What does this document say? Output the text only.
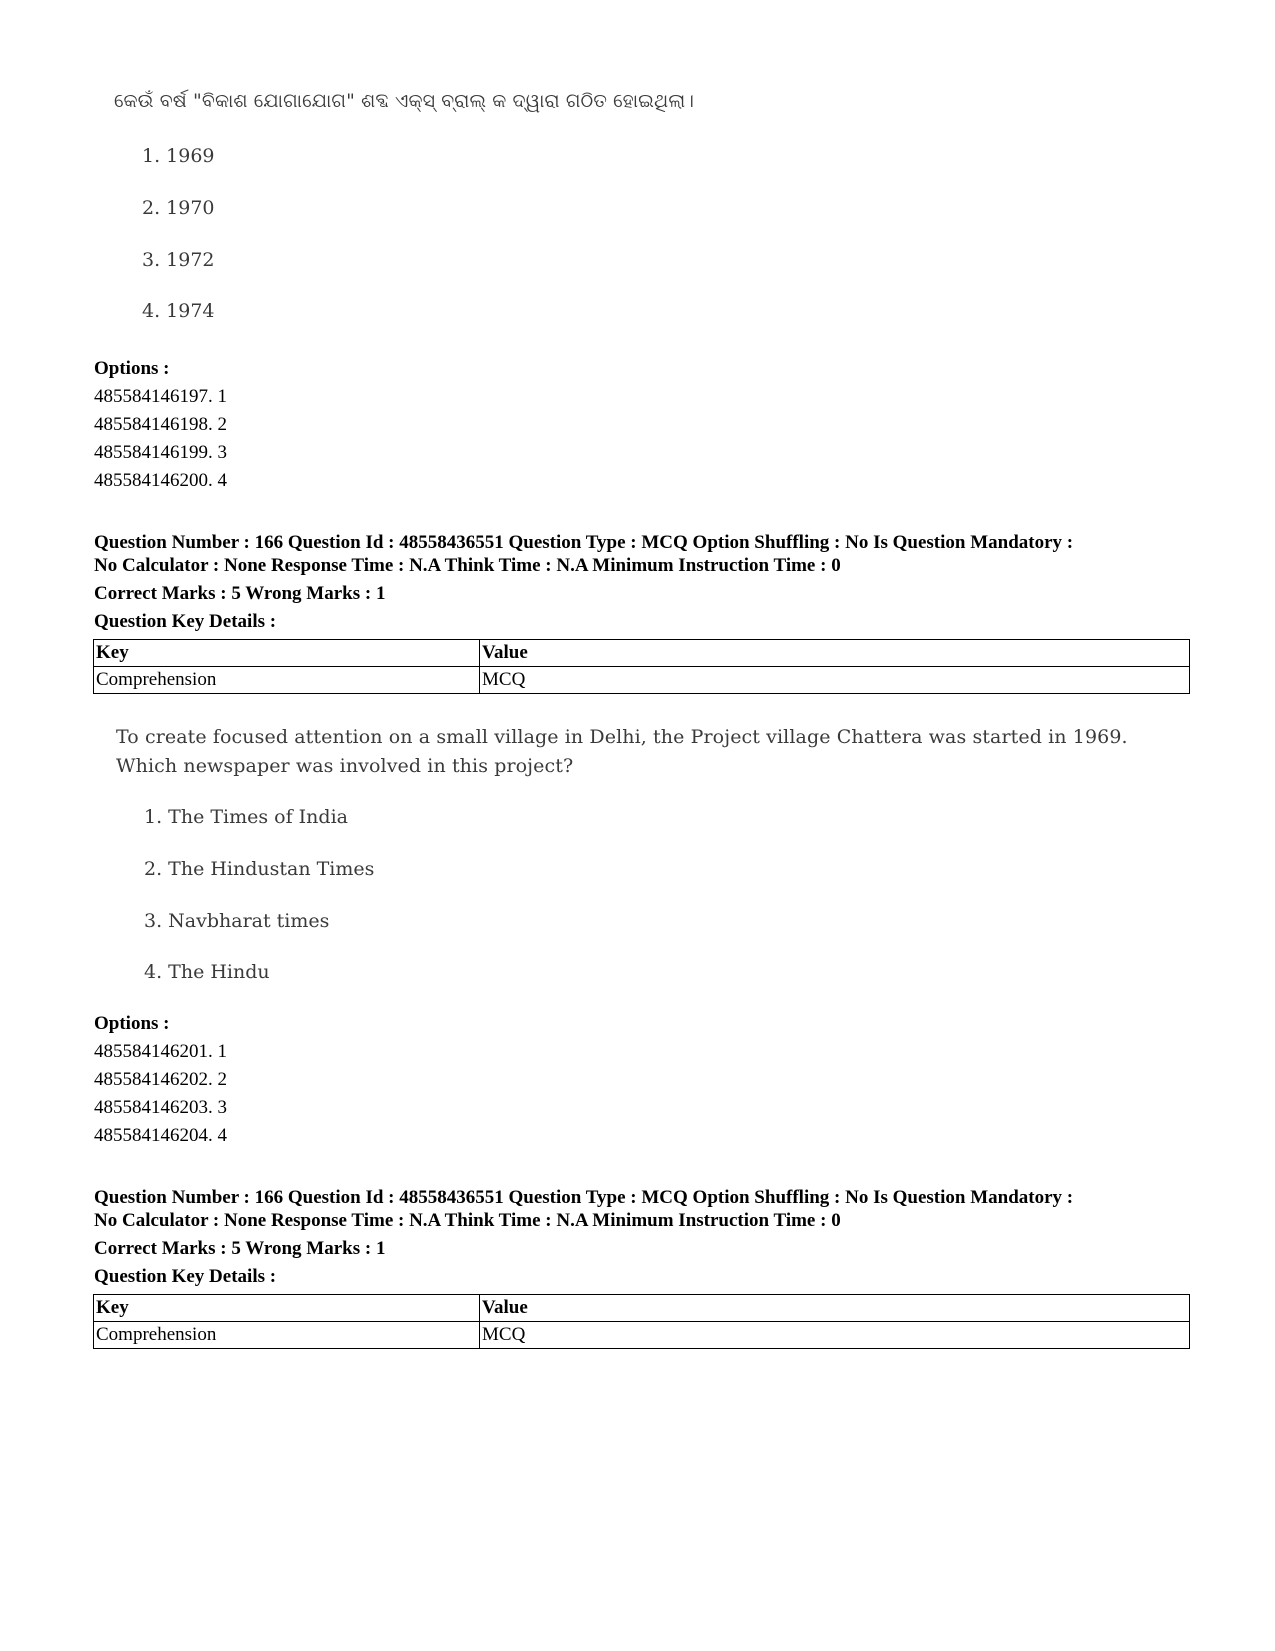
କେଉଁ ବର୍ଷ "ବିକାଶ ଯୋଗାଯୋଗ" ଶବ୍ଦ ଏକ୍ସ୍ ବ୍ରାଲ୍ କ ଦ୍ୱାରା ଗଠିତ ହୋଇଥିଲା।
1. 1969
2. 1970
3. 1972
4. 1974
Options :
485584146197. 1
485584146198. 2
485584146199. 3
485584146200. 4
Question Number : 166 Question Id : 48558436551 Question Type : MCQ Option Shuffling : No Is Question Mandatory :
No Calculator : None Response Time : N.A Think Time : N.A Minimum Instruction Time : 0
Correct Marks : 5 Wrong Marks : 1
Question Key Details :
Key	Value
Comprehension	MCQ
To create focused attention on a small village in Delhi, the Project village Chattera was started in 1969. Which newspaper was involved in this project?
1. The Times of India
2. The Hindustan Times
3. Navbharat times
4. The Hindu
Options :
485584146201. 1
485584146202. 2
485584146203. 3
485584146204. 4
Question Number : 166 Question Id : 48558436551 Question Type : MCQ Option Shuffling : No Is Question Mandatory :
No Calculator : None Response Time : N.A Think Time : N.A Minimum Instruction Time : 0
Correct Marks : 5 Wrong Marks : 1
Question Key Details :
Key	Value
Comprehension	MCQ
